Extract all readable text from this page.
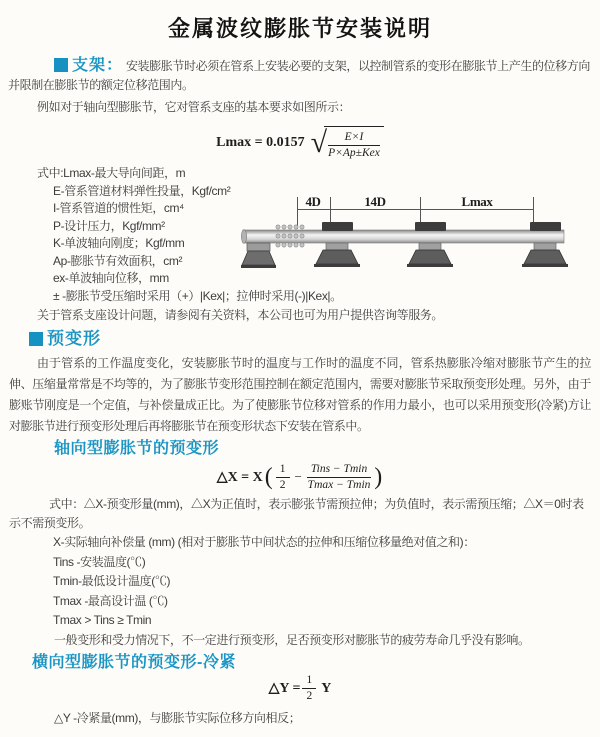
金属波纹膨胀节安装说明
支架： 安装膨胀节时必须在管系上安装必要的支架，以控制管系的变形在膨胀节上产生的位移方向并限制在膨胀节的额定位移范围内。
例如对于轴向型膨胀节，它对管系支座的基本要求如图所示：
Lmax = 0.0157 √ $\frac{E\times I}{\text{P×Ap±Kex}}$
式中:Lmax-最大导向间距，m
E-管系管道材料弹性投量，Kgf/cm²
I-管系管道的惯性矩，cm⁴
P-设计压力，Kgf/mm²
K-单波轴向刚度；Kgf/mm
Ap-膨胀节有效面积，cm²
ex-单波轴向位移，mm
± -膨胀节受压缩时采用（+）|Kex|；拉伸时采用(-)|Kex|。
关于管系支座设计问题，请参阅有关资料，本公司也可为用户提供咨询等服务。
4D	14D	Lmax
预变形
由于管系的工作温度变化，安装膨胀节时的温度与工作时的温度不同，管系热膨胀冷缩对膨胀节产生的拉伸、压缩量常常是不均等的，为了膨胀节变形范围控制在额定范围内，需要对膨胀节采取预变形处理。另外，由于膨账节刚度是一个定值，与补偿量成正比。为了使膨胀节位移对管系的作用力最小，也可以采用预变形(冷紧)方让对膨胀节进行预变形处理后再将膨胀节在预变形状态下安装在管系中。
轴向型膨胀节的预变形
△X = X ( $\frac{1}{2} - \frac{\text{Tins − Tmin}}{Tmax - Tmin}$ )
式中：△X-预变形量(mm)，△X为正值时，表示膨张节需预拉伸；为负值时，表示需预压缩；△X＝0时表示不需预变形。
X-实际轴向补偿量 (mm) (相对于膨胀节中间状态的拉伸和压缩位移量绝对值之和)：
Tins -安装温度(℃)
Tmin-最低设计温度(℃)
Tmax -最高设计温 (℃)
Tmax > Tins ≥ Tmin
一般变形和受力情况下，不一定进行预变形，足否预变形对膨胀节的疲劳寿命几乎没有影响。
横向型膨胀节的预变形-冷紧
△Y = $\frac{1}{2}$ Y
△Y -冷紧量(mm)，与膨胀节实际位移方向相反；
